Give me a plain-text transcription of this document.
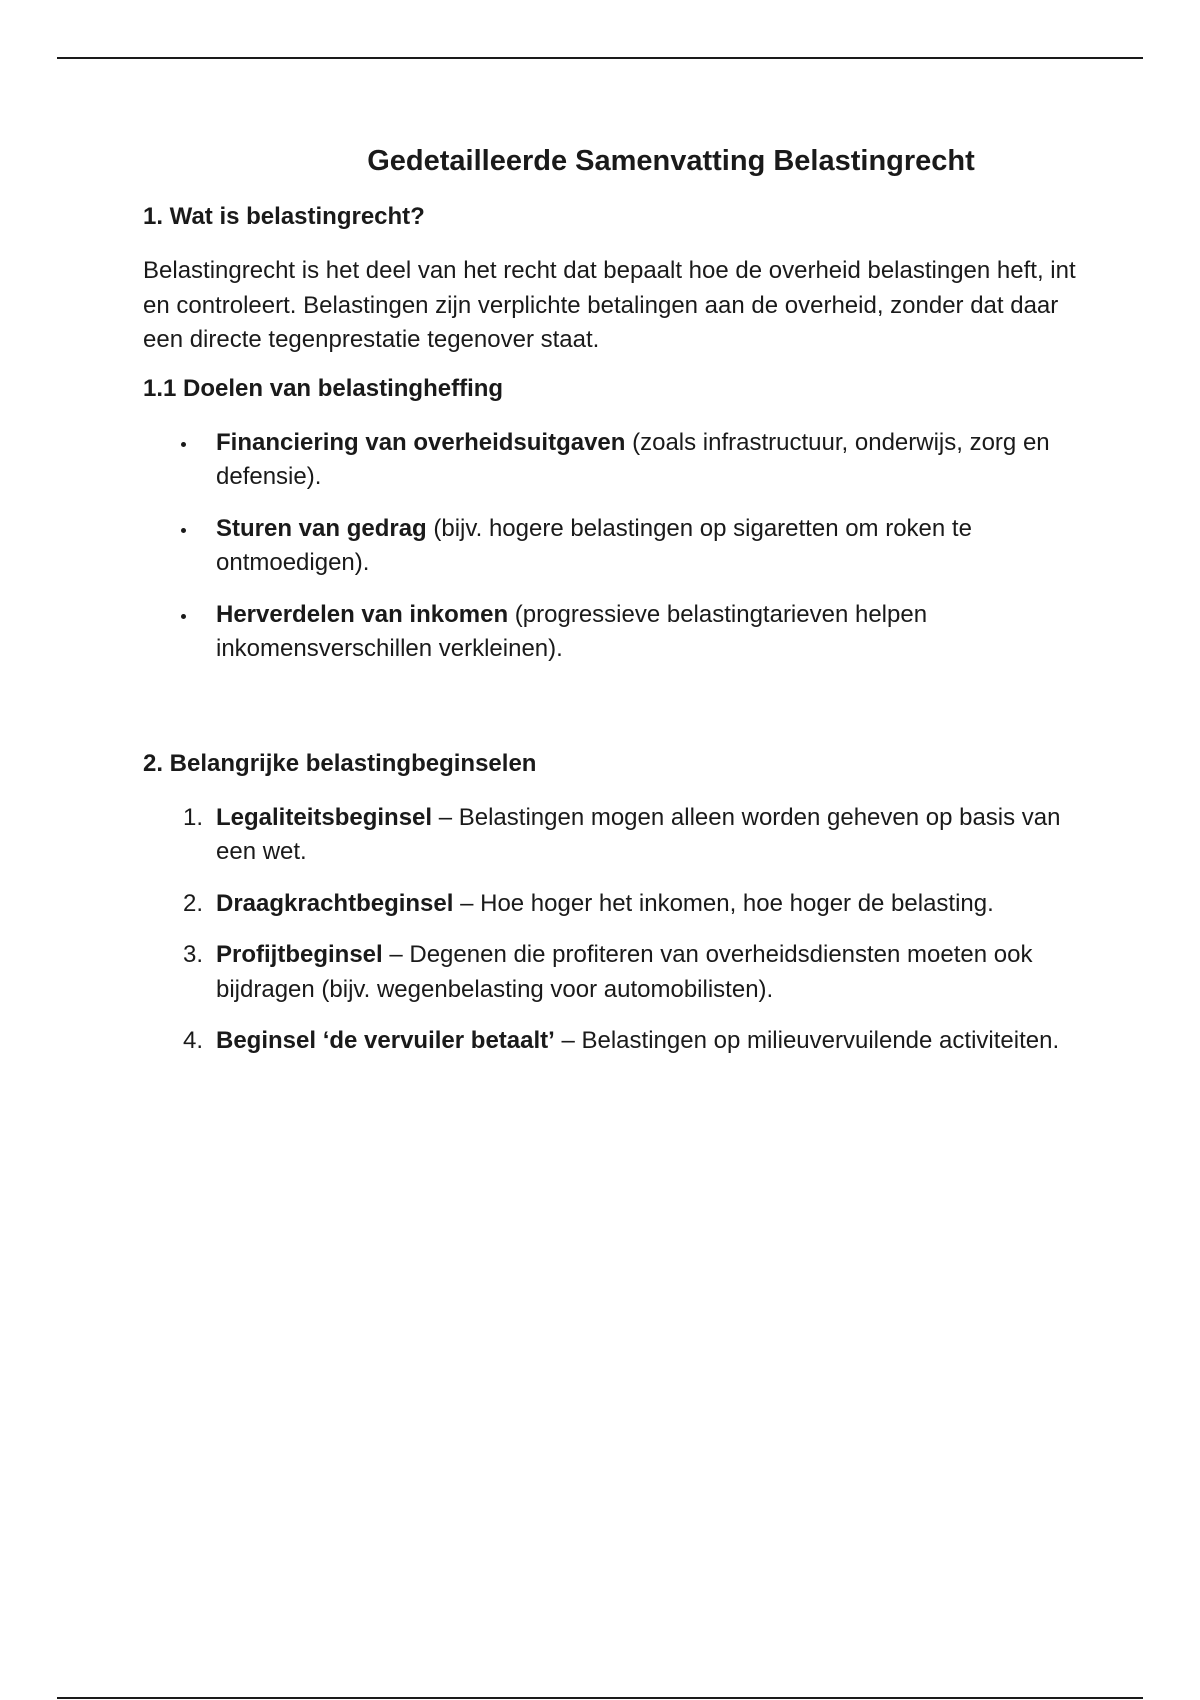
Gedetailleerde Samenvatting Belastingrecht
1. Wat is belastingrecht?

Belastingrecht is het deel van het recht dat bepaalt hoe de overheid belastingen heft, int en controleert. Belastingen zijn verplichte betalingen aan de overheid, zonder dat daar een directe tegenprestatie tegenover staat.

1.1 Doelen van belastingheffing
Financiering van overheidsuitgaven (zoals infrastructuur, onderwijs, zorg en defensie).
Sturen van gedrag (bijv. hogere belastingen op sigaretten om roken te ontmoedigen).
Herverdelen van inkomen (progressieve belastingtarieven helpen inkomensverschillen verkleinen).
2. Belangrijke belastingbeginselen
1. Legaliteitsbeginsel – Belastingen mogen alleen worden geheven op basis van een wet.
2. Draagkrachtbeginsel – Hoe hoger het inkomen, hoe hoger de belasting.
3. Profijtbeginsel – Degenen die profiteren van overheidsdiensten moeten ook bijdragen (bijv. wegenbelasting voor automobilisten).
4. Beginsel ‘de vervuiler betaalt’ – Belastingen op milieuvervuilende activiteiten.
